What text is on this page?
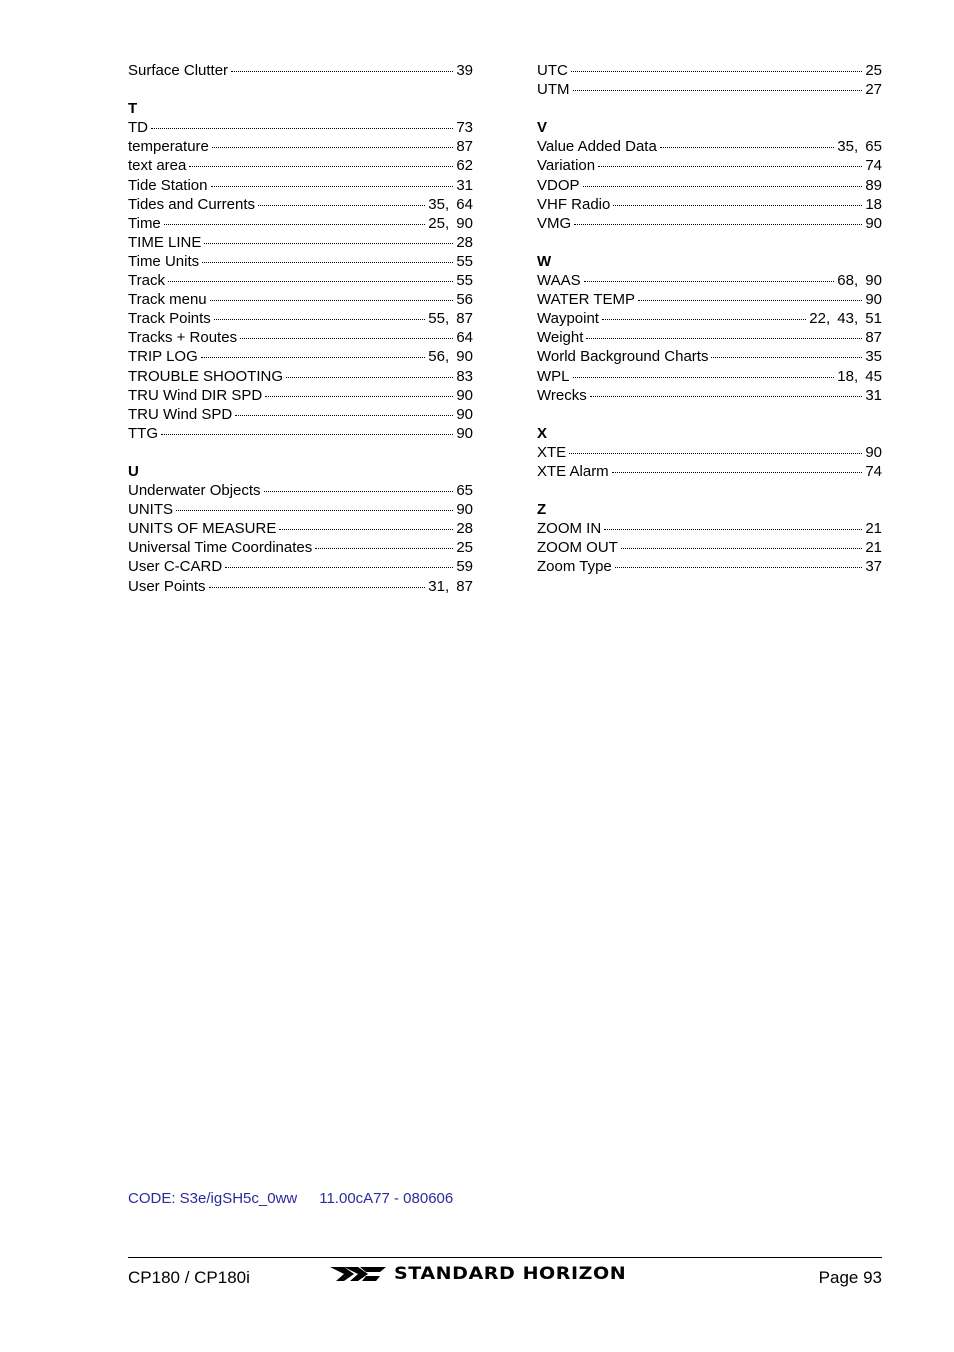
Surface Clutter	39
T
TD	73
temperature	87
text area	62
Tide Station	31
Tides and Currents	35, 64
Time	25, 90
TIME LINE	28
Time Units	55
Track	55
Track menu	56
Track Points	55, 87
Tracks + Routes	64
TRIP LOG	56, 90
TROUBLE SHOOTING	83
TRU Wind DIR SPD	90
TRU Wind SPD	90
TTG	90
U
Underwater Objects	65
UNITS	90
UNITS OF MEASURE	28
Universal Time Coordinates	25
User C-CARD	59
User Points	31, 87
UTC	25
UTM	27
V
Value Added Data	35, 65
Variation	74
VDOP	89
VHF Radio	18
VMG	90
W
WAAS	68, 90
WATER TEMP	90
Waypoint	22, 43, 51
Weight	87
World Background Charts	35
WPL	18, 45
Wrecks	31
X
XTE	90
XTE Alarm	74
Z
ZOOM IN	21
ZOOM OUT	21
Zoom Type	37
CODE: S3e/igSH5c_0ww 11.00cA77 - 080606
CP180 / CP180i	STANDARD HORIZON	Page 93
